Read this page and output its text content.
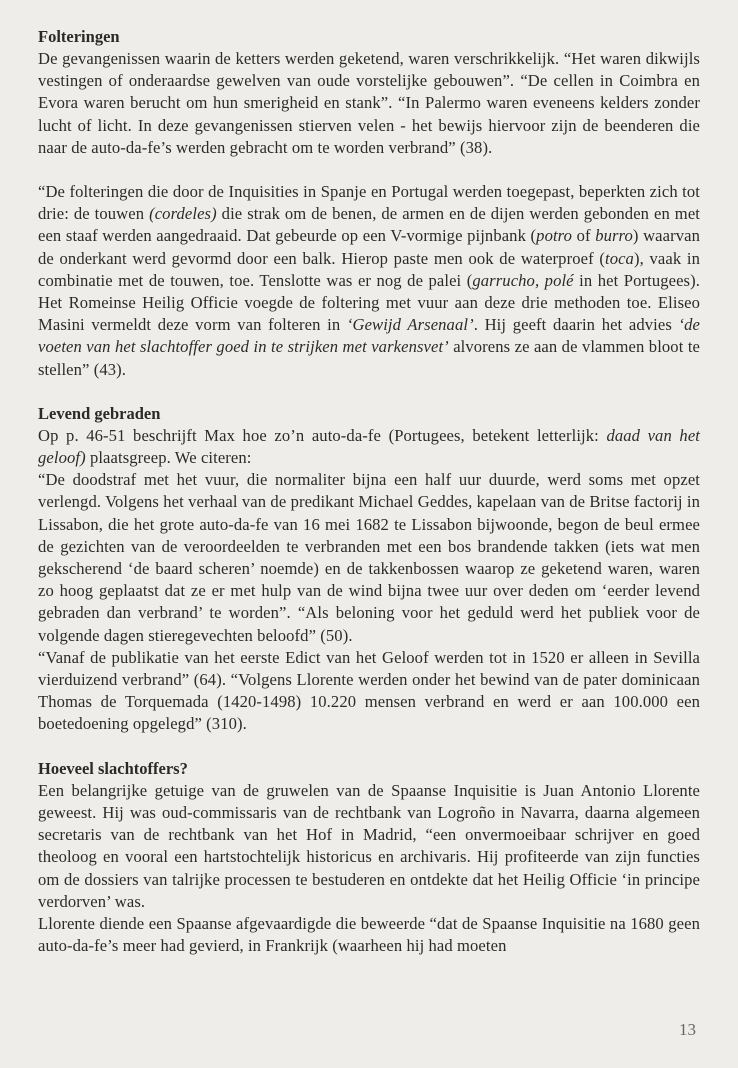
Folteringen

De gevangenissen waarin de ketters werden geketend, waren verschrikkelijk. “Het waren dikwijls vestingen of onderaardse gewelven van oude vorstelijke gebouwen”. “De cellen in Coimbra en Evora waren berucht om hun smerigheid en stank”. “In Palermo waren eveneens kelders zonder lucht of licht. In deze gevangenissen stierven velen - het bewijs hiervoor zijn de beenderen die naar de auto-da-fe’s werden gebracht om te worden verbrand” (38).

“De folteringen die door de Inquisities in Spanje en Portugal werden toegepast, beperkten zich tot drie: de touwen (cordeles) die strak om de benen, de armen en de dijen werden gebonden en met een staaf werden aangedraaid. Dat gebeurde op een V-vormige pijnbank (potro of burro) waarvan de onderkant werd gevormd door een balk. Hierop paste men ook de waterproef (toca), vaak in combinatie met de touwen, toe. Tenslotte was er nog de palei (garrucho, polé in het Portugees). Het Romeinse Heilig Officie voegde de foltering met vuur aan deze drie methoden toe. Eliseo Masini vermeldt deze vorm van folteren in ‘Gewijd Arsenaal’. Hij geeft daarin het advies ‘de voeten van het slachtoffer goed in te strijken met varkensvet’ alvorens ze aan de vlammen bloot te stellen” (43).

Levend gebraden

Op p. 46-51 beschrijft Max hoe zo’n auto-da-fe (Portugees, betekent letterlijk: daad van het geloof) plaatsgreep. We citeren:

“De doodstraf met het vuur, die normaliter bijna een half uur duurde, werd soms met opzet verlengd. Volgens het verhaal van de predikant Michael Geddes, kapelaan van de Britse factorij in Lissabon, die het grote auto-da-fe van 16 mei 1682 te Lissabon bijwoonde, begon de beul ermee de gezichten van de veroordeelden te verbranden met een bos brandende takken (iets wat men gekscherend ‘de baard scheren’ noemde) en de takkenbossen waarop ze geketend waren, waren zo hoog geplaatst dat ze er met hulp van de wind bijna twee uur over deden om ‘eerder levend gebraden dan verbrand’ te worden”. “Als beloning voor het geduld werd het publiek voor de volgende dagen stieregevechten beloofd” (50).

“Vanaf de publikatie van het eerste Edict van het Geloof werden tot in 1520 er alleen in Sevilla vierduizend verbrand” (64). “Volgens Llorente werden onder het bewind van de pater dominicaan Thomas de Torquemada (1420-1498) 10.220 mensen verbrand en werd er aan 100.000 een boetedoening opgelegd” (310).

Hoeveel slachtoffers?

Een belangrijke getuige van de gruwelen van de Spaanse Inquisitie is Juan Antonio Llorente geweest. Hij was oud-commissaris van de rechtbank van Logroño in Navarra, daarna algemeen secretaris van de rechtbank van het Hof in Madrid, “een onvermoeibaar schrijver en goed theoloog en vooral een hartstochtelijk historicus en archivaris. Hij profiteerde van zijn functies om de dossiers van talrijke processen te bestuderen en ontdekte dat het Heilig Officie ‘in principe verdorven’ was.

Llorente diende een Spaanse afgevaardigde die beweerde “dat de Spaanse Inquisitie na 1680 geen auto-da-fe’s meer had gevierd, in Frankrijk (waarheen hij had moeten

13
